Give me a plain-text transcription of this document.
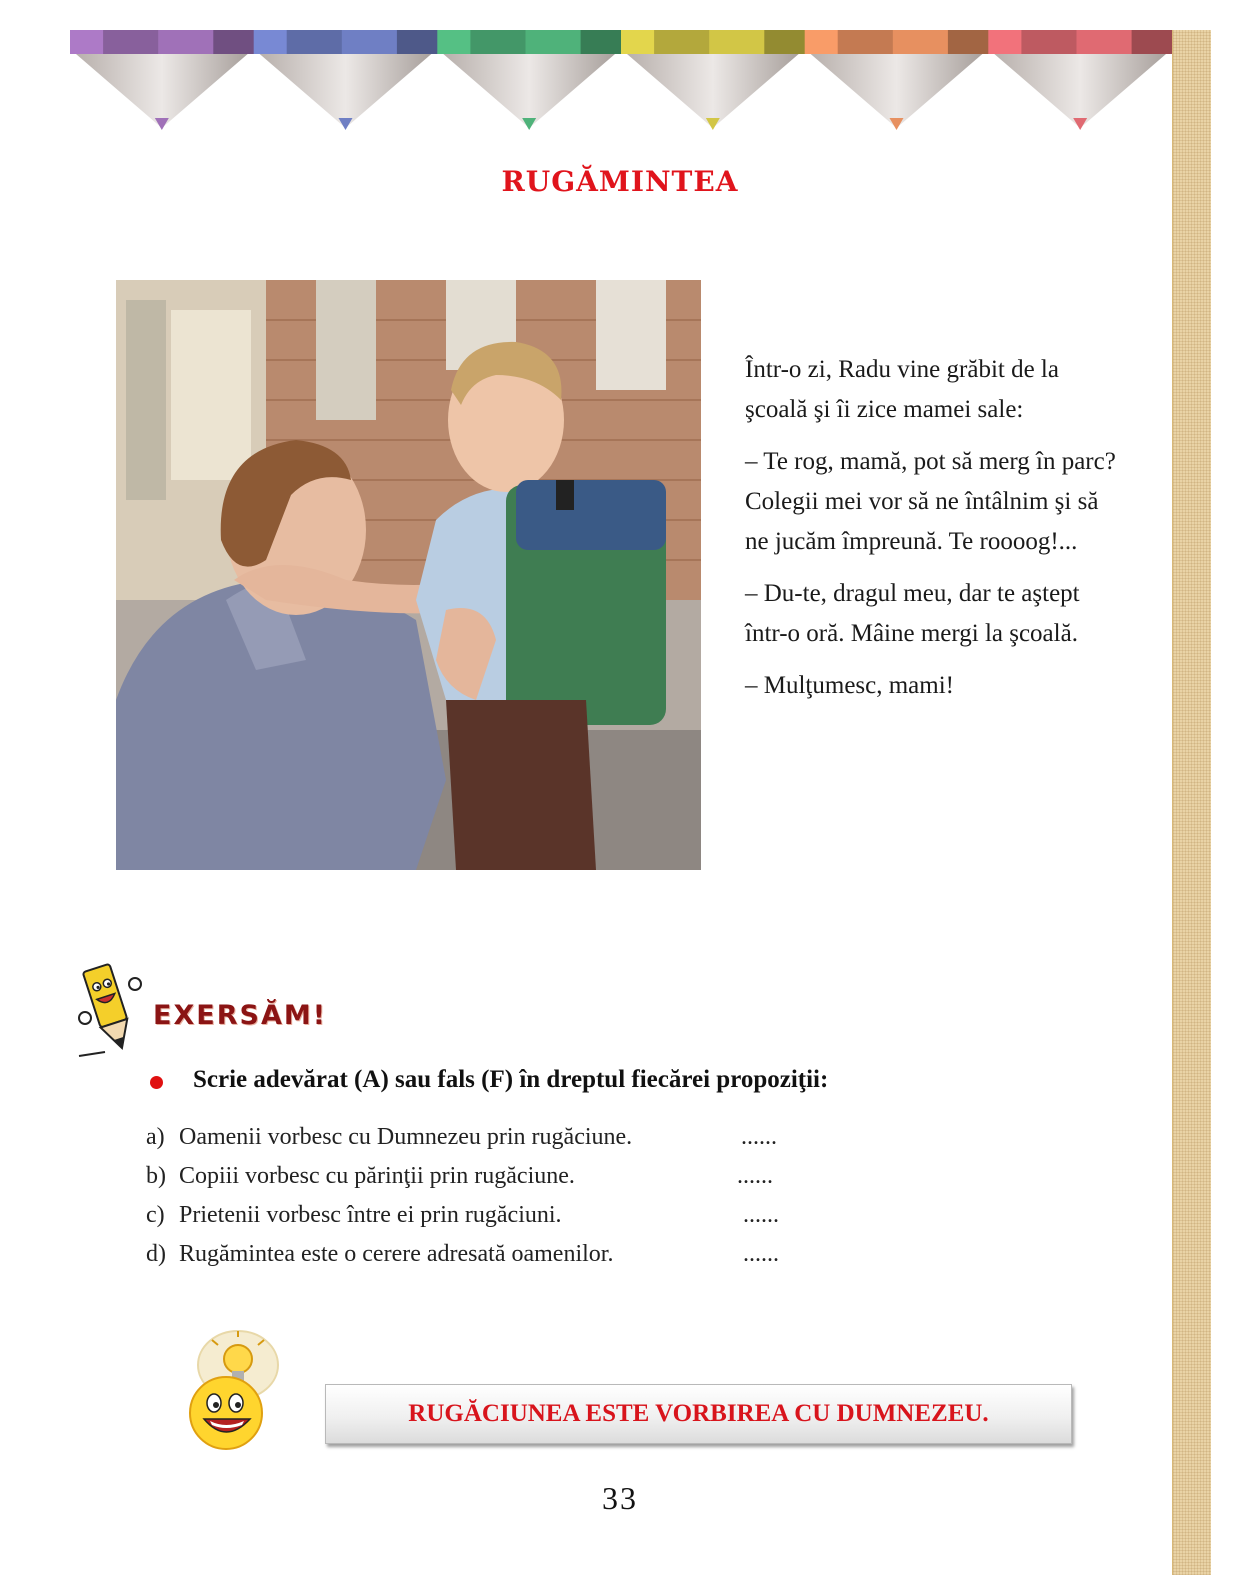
RUGĂMINTEA

Într-o zi, Radu vine grăbit de la şcoală şi îi zice mamei sale:

– Te rog, mamă, pot să merg în parc? Colegii mei vor să ne întâlnim şi să ne jucăm împreună. Te roooog!...

– Du-te, dragul meu, dar te aştept într-o oră. Mâine mergi la şcoală.

– Mulţumesc, mami!

EXERSĂM!
Scrie adevărat (A) sau fals (F) în dreptul fiecărei propoziţii:
a) Oamenii vorbesc cu Dumnezeu prin rugăciune.	......
b) Copiii vorbesc cu părinţii prin rugăciune.	......
c) Prietenii vorbesc între ei prin rugăciuni.	......
d) Rugămintea este o cerere adresată oamenilor.	......
RUGĂCIUNEA ESTE VORBIREA CU DUMNEZEU.
33
